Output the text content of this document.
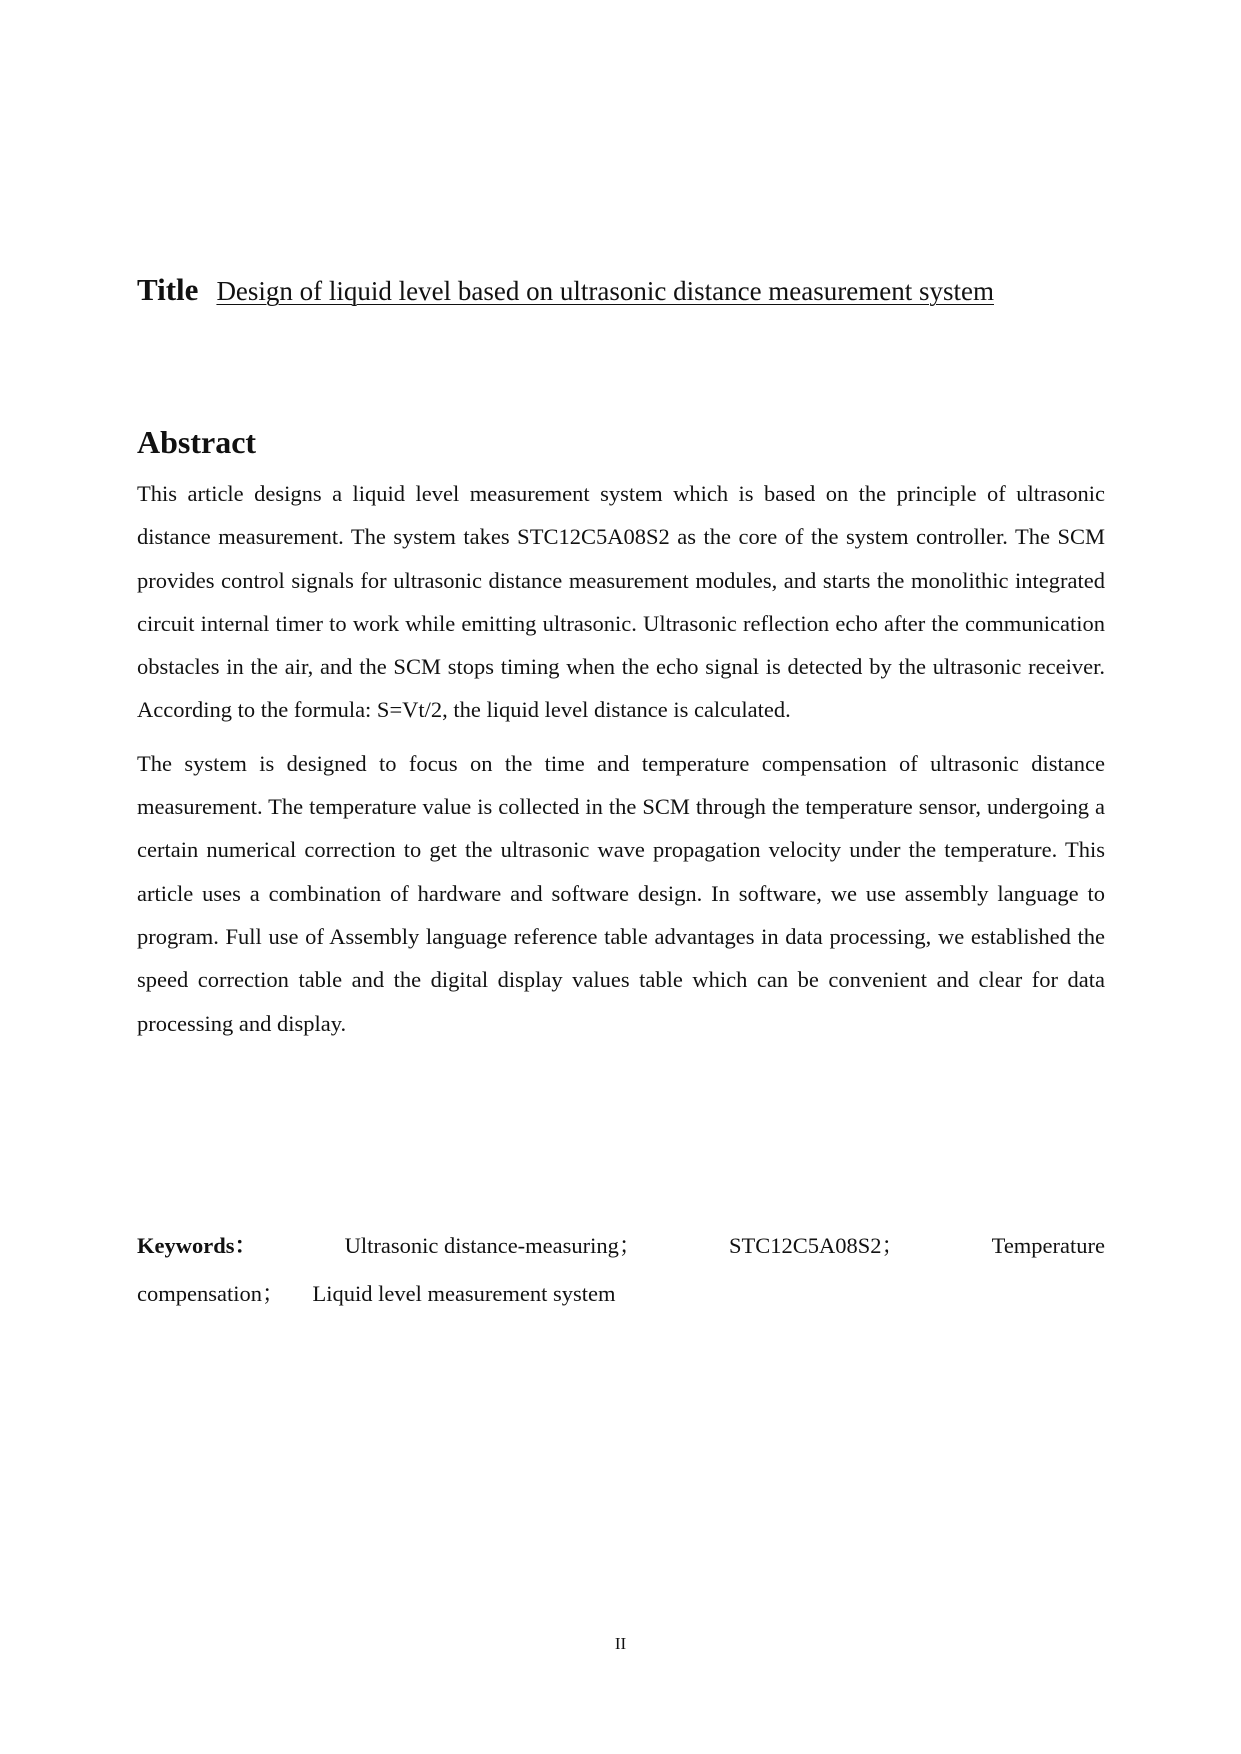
Title Design of liquid level based on ultrasonic distance measurement system
Abstract

This article designs a liquid level measurement system which is based on the principle of ultrasonic distance measurement. The system takes STC12C5A08S2 as the core of the system controller. The SCM provides control signals for ultrasonic distance measurement modules, and starts the monolithic integrated circuit internal timer to work while emitting ultrasonic. Ultrasonic reflection echo after the communication obstacles in the air, and the SCM stops timing when the echo signal is detected by the ultrasonic receiver. According to the formula: S=Vt/2, the liquid level distance is calculated.

The system is designed to focus on the time and temperature compensation of ultrasonic distance measurement. The temperature value is collected in the SCM through the temperature sensor, undergoing a certain numerical correction to get the ultrasonic wave propagation velocity under the temperature. This article uses a combination of hardware and software design. In software, we use assembly language to program. Full use of Assembly language reference table advantages in data processing, we established the speed correction table and the digital display values table which can be convenient and clear for data processing and display.

Keywords：	Ultrasonic distance-measuring；	STC12C5A08S2；	Temperature
compensation； Liquid level measurement system
II
